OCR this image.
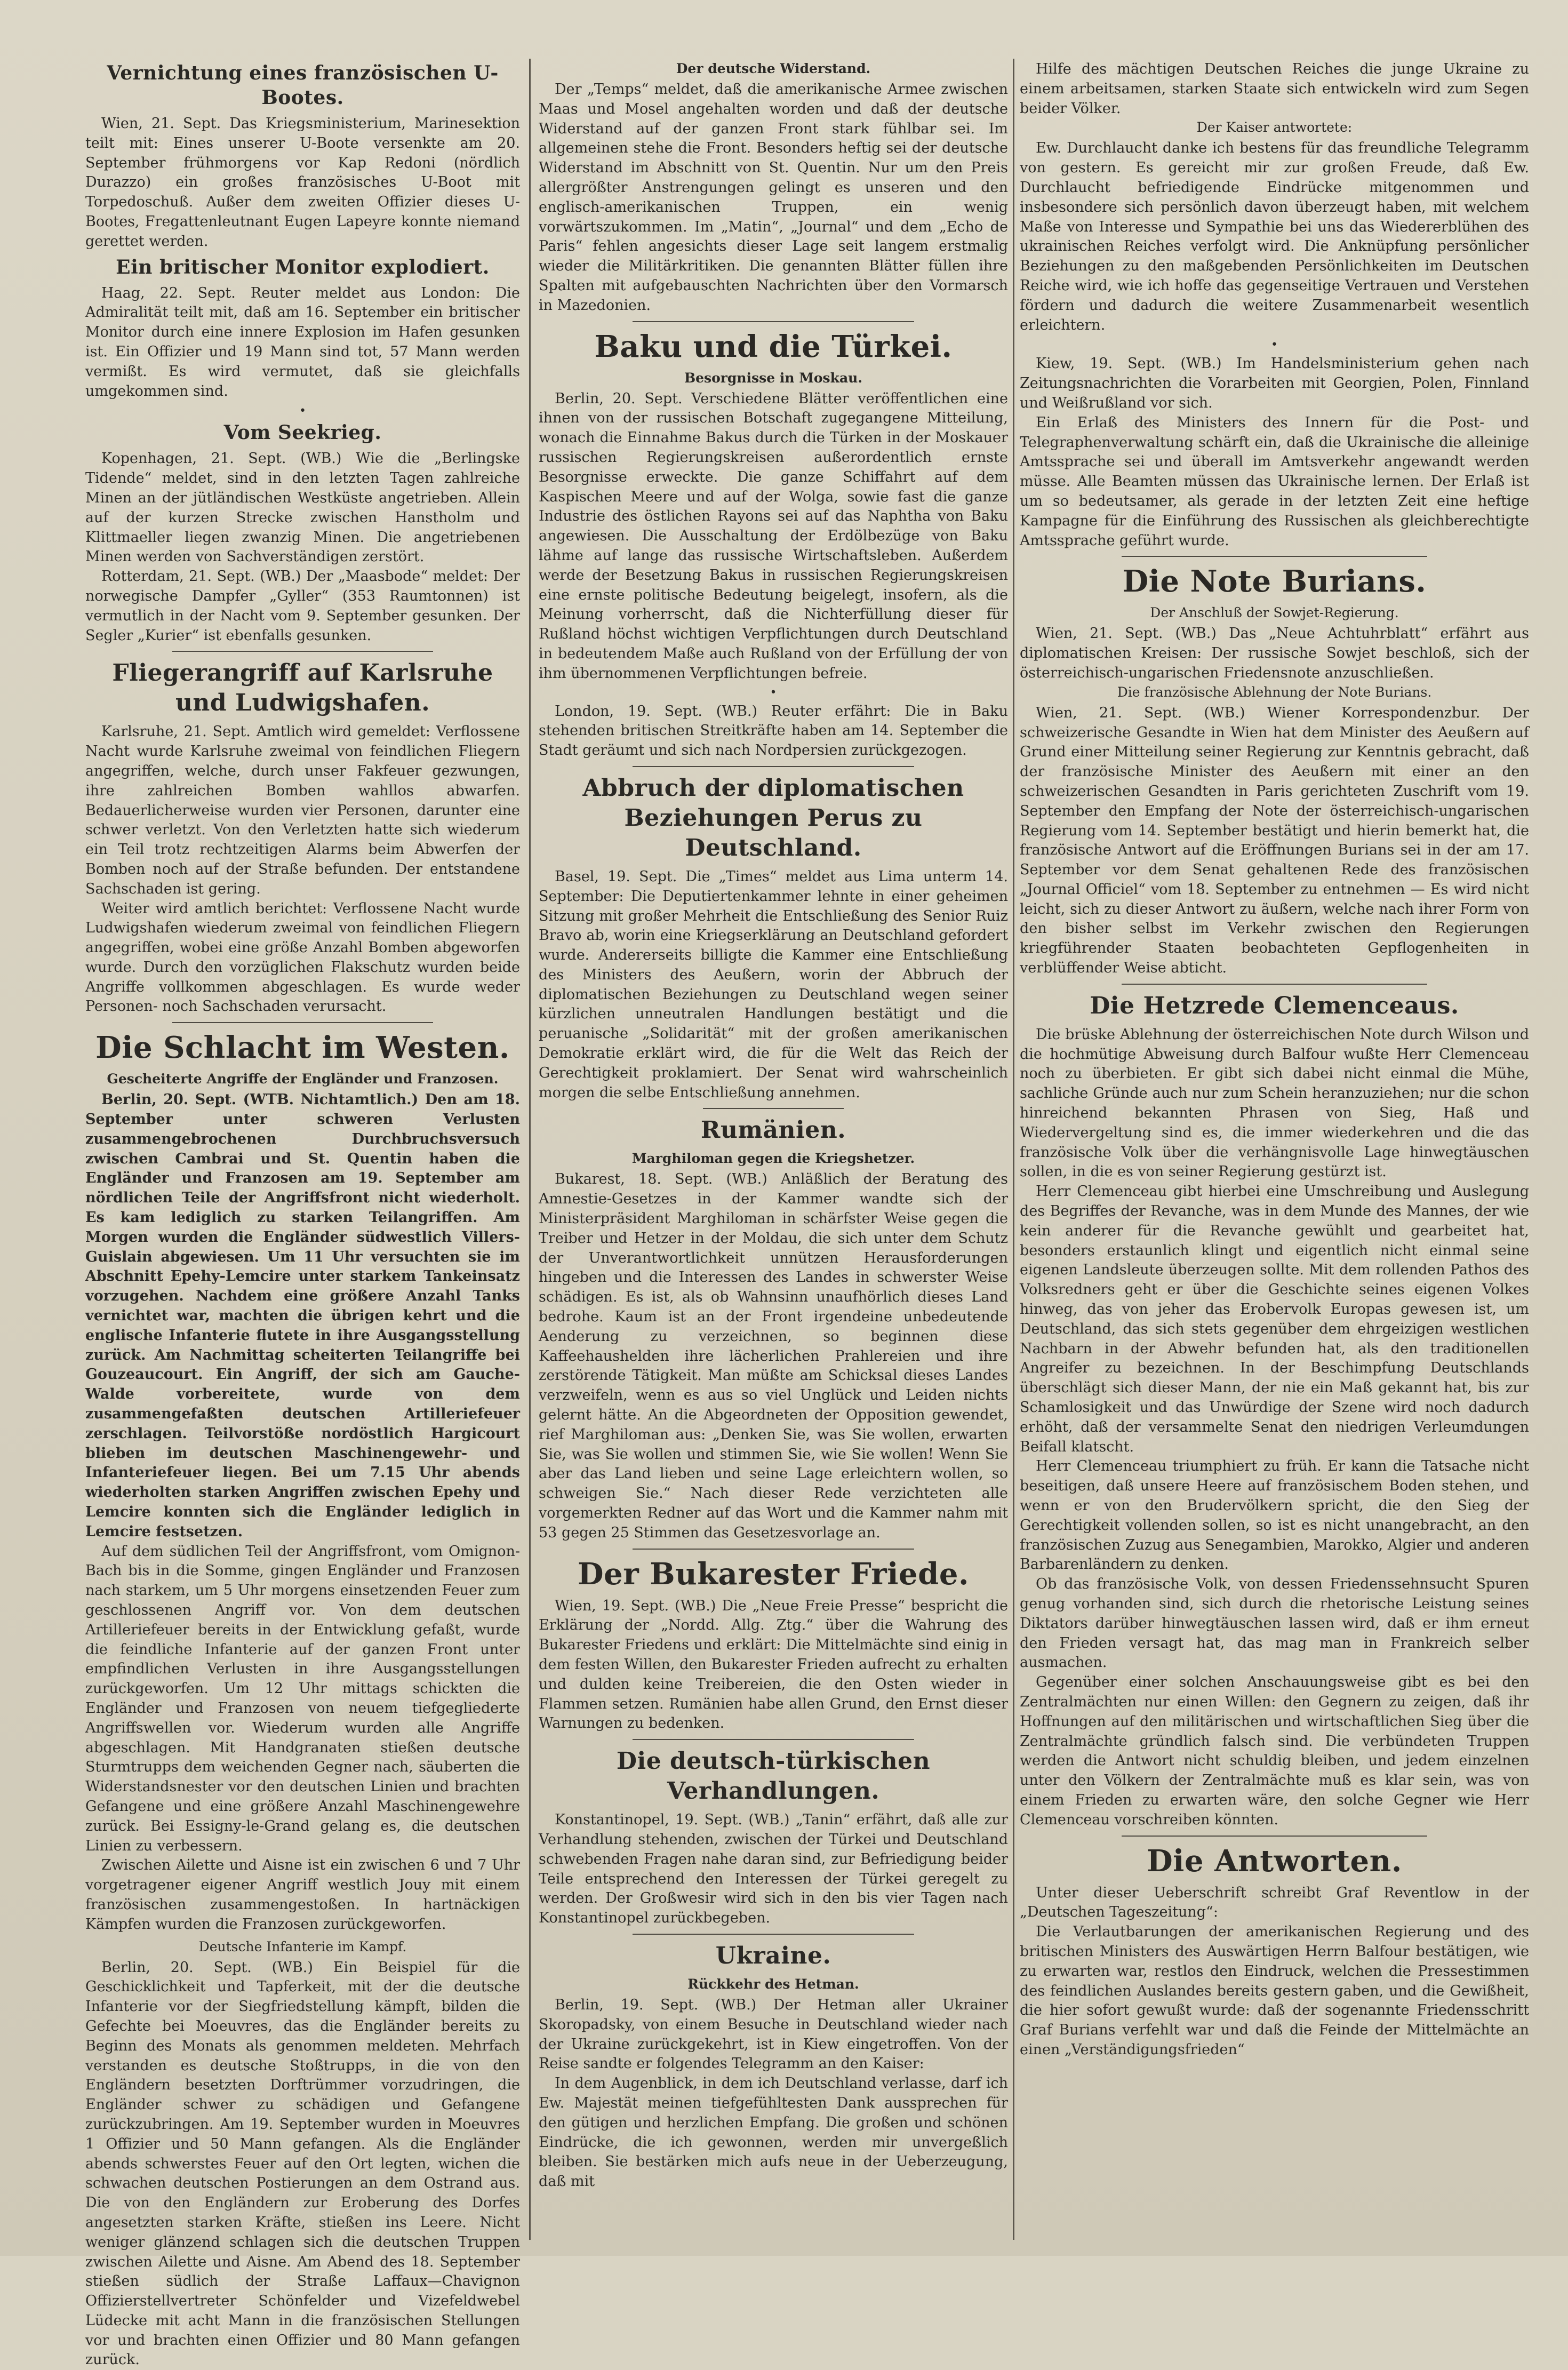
Vernichtung eines französischen U-Bootes.

Wien, 21. Sept. Das Kriegsministerium, Marinesektion teilt mit: Eines unserer U-Boote versenkte am 20. September frühmorgens vor Kap Redoni (nördlich Durazzo) ein großes französisches U-Boot mit Torpedoschuß. Außer dem zweiten Offizier dieses U-Bootes, Fregattenleutnant Eugen Lapeyre konnte niemand gerettet werden.

Ein britischer Monitor explodiert.

Haag, 22. Sept. Reuter meldet aus London: Die Admiralität teilt mit, daß am 16. September ein britischer Monitor durch eine innere Explosion im Hafen gesunken ist. Ein Offizier und 19 Mann sind tot, 57 Mann werden vermißt. Es wird vermutet, daß sie gleichfalls umgekommen sind.

•
Vom Seekrieg.

Kopenhagen, 21. Sept. (WB.) Wie die „Berlingske Tidende“ meldet, sind in den letzten Tagen zahlreiche Minen an der jütländischen Westküste angetrieben. Allein auf der kurzen Strecke zwischen Hanstholm und Klittmaeller liegen zwanzig Minen. Die angetriebenen Minen werden von Sachverständigen zerstört.

Rotterdam, 21. Sept. (WB.) Der „Maasbode“ meldet: Der norwegische Dampfer „Gyller“ (353 Raumtonnen) ist vermutlich in der Nacht vom 9. September gesunken. Der Segler „Kurier“ ist ebenfalls gesunken.

Fliegerangriff auf Karlsruhe und Ludwigshafen.

Karlsruhe, 21. Sept. Amtlich wird gemeldet: Verflossene Nacht wurde Karlsruhe zweimal von feindlichen Fliegern angegriffen, welche, durch unser Fakfeuer gezwungen, ihre zahlreichen Bomben wahllos abwarfen. Bedauerlicherweise wurden vier Personen, darunter eine schwer verletzt. Von den Verletzten hatte sich wiederum ein Teil trotz rechtzeitigen Alarms beim Abwerfen der Bomben noch auf der Straße befunden. Der entstandene Sachschaden ist gering.

Weiter wird amtlich berichtet: Verflossene Nacht wurde Ludwigshafen wiederum zweimal von feindlichen Fliegern angegriffen, wobei eine größe Anzahl Bomben abgeworfen wurde. Durch den vorzüglichen Flakschutz wurden beide Angriffe vollkommen abgeschlagen. Es wurde weder Personen- noch Sachschaden verursacht.

Die Schlacht im Westen.
Gescheiterte Angriffe der Engländer und Franzosen.

Berlin, 20. Sept. (WTB. Nichtamtlich.) Den am 18. September unter schweren Verlusten zusammengebrochenen Durchbruchsversuch zwischen Cambrai und St. Quentin haben die Engländer und Franzosen am 19. September am nördlichen Teile der Angriffsfront nicht wiederholt. Es kam lediglich zu starken Teilangriffen. Am Morgen wurden die Engländer südwestlich Villers-Guislain abgewiesen. Um 11 Uhr versuchten sie im Abschnitt Epehy-Lemcire unter starkem Tankeinsatz vorzugehen. Nachdem eine größere Anzahl Tanks vernichtet war, machten die übrigen kehrt und die englische Infanterie flutete in ihre Ausgangsstellung zurück. Am Nachmittag scheiterten Teilangriffe bei Gouzeaucourt. Ein Angriff, der sich am Gauche-Walde vorbereitete, wurde von dem zusammengefaßten deutschen Artilleriefeuer zerschlagen. Teilvorstöße nordöstlich Hargicourt blieben im deutschen Maschinengewehr- und Infanteriefeuer liegen. Bei um 7.15 Uhr abends wiederholten starken Angriffen zwischen Epehy und Lemcire konnten sich die Engländer lediglich in Lemcire festsetzen.

Auf dem südlichen Teil der Angriffsfront, vom Omignon-Bach bis in die Somme, gingen Engländer und Franzosen nach starkem, um 5 Uhr morgens einsetzenden Feuer zum geschlossenen Angriff vor. Von dem deutschen Artilleriefeuer bereits in der Entwicklung gefaßt, wurde die feindliche Infanterie auf der ganzen Front unter empfindlichen Verlusten in ihre Ausgangsstellungen zurückgeworfen. Um 12 Uhr mittags schickten die Engländer und Franzosen von neuem tiefgegliederte Angriffswellen vor. Wiederum wurden alle Angriffe abgeschlagen. Mit Handgranaten stießen deutsche Sturmtrupps dem weichenden Gegner nach, säuberten die Widerstandsnester vor den deutschen Linien und brachten Gefangene und eine größere Anzahl Maschinengewehre zurück. Bei Essigny-le-Grand gelang es, die deutschen Linien zu verbessern.

Zwischen Ailette und Aisne ist ein zwischen 6 und 7 Uhr vorgetragener eigener Angriff westlich Jouy mit einem französischen zusammengestoßen. In hartnäckigen Kämpfen wurden die Franzosen zurückgeworfen.

Deutsche Infanterie im Kampf.

Berlin, 20. Sept. (WB.) Ein Beispiel für die Geschicklichkeit und Tapferkeit, mit der die deutsche Infanterie vor der Siegfriedstellung kämpft, bilden die Gefechte bei Moeuvres, das die Engländer bereits zu Beginn des Monats als genommen meldeten. Mehrfach verstanden es deutsche Stoßtrupps, in die von den Engländern besetzten Dorftrümmer vorzudringen, die Engländer schwer zu schädigen und Gefangene zurückzubringen. Am 19. September wurden in Moeuvres 1 Offizier und 50 Mann gefangen. Als die Engländer abends schwerstes Feuer auf den Ort legten, wichen die schwachen deutschen Postierungen an dem Ostrand aus. Die von den Engländern zur Eroberung des Dorfes angesetzten starken Kräfte, stießen ins Leere. Nicht weniger glänzend schlagen sich die deutschen Truppen zwischen Ailette und Aisne. Am Abend des 18. September stießen südlich der Straße Laffaux—Chavignon Offizierstellvertreter Schönfelder und Vizefeldwebel Lüdecke mit acht Mann in die französischen Stellungen vor und brachten einen Offizier und 80 Mann gefangen zurück.

Der deutsche Widerstand.

Der „Temps“ meldet, daß die amerikanische Armee zwischen Maas und Mosel angehalten worden und daß der deutsche Widerstand auf der ganzen Front stark fühlbar sei. Im allgemeinen stehe die Front. Besonders heftig sei der deutsche Widerstand im Abschnitt von St. Quentin. Nur um den Preis allergrößter Anstrengungen gelingt es unseren und den englisch-amerikanischen Truppen, ein wenig vorwärtszukommen. Im „Matin“, „Journal“ und dem „Echo de Paris“ fehlen angesichts dieser Lage seit langem erstmalig wieder die Militärkritiken. Die genannten Blätter füllen ihre Spalten mit aufgebauschten Nachrichten über den Vormarsch in Mazedonien.

Baku und die Türkei.
Besorgnisse in Moskau.

Berlin, 20. Sept. Verschiedene Blätter veröffentlichen eine ihnen von der russischen Botschaft zugegangene Mitteilung, wonach die Einnahme Bakus durch die Türken in der Moskauer russischen Regierungskreisen außerordentlich ernste Besorgnisse erweckte. Die ganze Schiffahrt auf dem Kaspischen Meere und auf der Wolga, sowie fast die ganze Industrie des östlichen Rayons sei auf das Naphtha von Baku angewiesen. Die Ausschaltung der Erdölbezüge von Baku lähme auf lange das russische Wirtschaftsleben. Außerdem werde der Besetzung Bakus in russischen Regierungskreisen eine ernste politische Bedeutung beigelegt, insofern, als die Meinung vorherrscht, daß die Nichterfüllung dieser für Rußland höchst wichtigen Verpflichtungen durch Deutschland in bedeutendem Maße auch Rußland von der Erfüllung der von ihm übernommenen Verpflichtungen befreie.

•

London, 19. Sept. (WB.) Reuter erfährt: Die in Baku stehenden britischen Streitkräfte haben am 14. September die Stadt geräumt und sich nach Nordpersien zurückgezogen.

Abbruch der diplomatischen Beziehungen Perus zu Deutschland.

Basel, 19. Sept. Die „Times“ meldet aus Lima unterm 14. September: Die Deputiertenkammer lehnte in einer geheimen Sitzung mit großer Mehrheit die Entschließung des Senior Ruiz Bravo ab, worin eine Kriegserklärung an Deutschland gefordert wurde. Andererseits billigte die Kammer eine Entschließung des Ministers des Aeußern, worin der Abbruch der diplomatischen Beziehungen zu Deutschland wegen seiner kürzlichen unneutralen Handlungen bestätigt und die peruanische „Solidarität“ mit der großen amerikanischen Demokratie erklärt wird, die für die Welt das Reich der Gerechtigkeit proklamiert. Der Senat wird wahrscheinlich morgen die selbe Entschließung annehmen.

Rumänien.
Marghiloman gegen die Kriegshetzer.

Bukarest, 18. Sept. (WB.) Anläßlich der Beratung des Amnestie-Gesetzes in der Kammer wandte sich der Ministerpräsident Marghiloman in schärfster Weise gegen die Treiber und Hetzer in der Moldau, die sich unter dem Schutz der Unverantwortlichkeit unnützen Herausforderungen hingeben und die Interessen des Landes in schwerster Weise schädigen. Es ist, als ob Wahnsinn unaufhörlich dieses Land bedrohe. Kaum ist an der Front irgendeine unbedeutende Aenderung zu verzeichnen, so beginnen diese Kaffeehaushelden ihre lächerlichen Prahlereien und ihre zerstörende Tätigkeit. Man müßte am Schicksal dieses Landes verzweifeln, wenn es aus so viel Unglück und Leiden nichts gelernt hätte. An die Abgeordneten der Opposition gewendet, rief Marghiloman aus: „Denken Sie, was Sie wollen, erwarten Sie, was Sie wollen und stimmen Sie, wie Sie wollen! Wenn Sie aber das Land lieben und seine Lage erleichtern wollen, so schweigen Sie.“ Nach dieser Rede verzichteten alle vorgemerkten Redner auf das Wort und die Kammer nahm mit 53 gegen 25 Stimmen das Gesetzesvorlage an.

Der Bukarester Friede.

Wien, 19. Sept. (WB.) Die „Neue Freie Presse“ bespricht die Erklärung der „Nordd. Allg. Ztg.“ über die Wahrung des Bukarester Friedens und erklärt: Die Mittelmächte sind einig in dem festen Willen, den Bukarester Frieden aufrecht zu erhalten und dulden keine Treibereien, die den Osten wieder in Flammen setzen. Rumänien habe allen Grund, den Ernst dieser Warnungen zu bedenken.

Die deutsch-türkischen Verhandlungen.

Konstantinopel, 19. Sept. (WB.) „Tanin“ erfährt, daß alle zur Verhandlung stehenden, zwischen der Türkei und Deutschland schwebenden Fragen nahe daran sind, zur Befriedigung beider Teile entsprechend den Interessen der Türkei geregelt zu werden. Der Großwesir wird sich in den bis vier Tagen nach Konstantinopel zurückbegeben.

Ukraine.
Rückkehr des Hetman.

Berlin, 19. Sept. (WB.) Der Hetman aller Ukrainer Skoropadsky, von einem Besuche in Deutschland wieder nach der Ukraine zurückgekehrt, ist in Kiew eingetroffen. Von der Reise sandte er folgendes Telegramm an den Kaiser:

In dem Augenblick, in dem ich Deutschland verlasse, darf ich Ew. Majestät meinen tiefgefühltesten Dank aussprechen für den gütigen und herzlichen Empfang. Die großen und schönen Eindrücke, die ich gewonnen, werden mir unvergeßlich bleiben. Sie bestärken mich aufs neue in der Ueberzeugung, daß mit

Hilfe des mächtigen Deutschen Reiches die junge Ukraine zu einem arbeitsamen, starken Staate sich entwickeln wird zum Segen beider Völker.

Der Kaiser antwortete:

Ew. Durchlaucht danke ich bestens für das freundliche Telegramm von gestern. Es gereicht mir zur großen Freude, daß Ew. Durchlaucht befriedigende Eindrücke mitgenommen und insbesondere sich persönlich davon überzeugt haben, mit welchem Maße von Interesse und Sympathie bei uns das Wiedererblühen des ukrainischen Reiches verfolgt wird. Die Anknüpfung persönlicher Beziehungen zu den maßgebenden Persönlichkeiten im Deutschen Reiche wird, wie ich hoffe das gegenseitige Vertrauen und Verstehen fördern und dadurch die weitere Zusammenarbeit wesentlich erleichtern.

•

Kiew, 19. Sept. (WB.) Im Handelsministerium gehen nach Zeitungsnachrichten die Vorarbeiten mit Georgien, Polen, Finnland und Weißrußland vor sich.

Ein Erlaß des Ministers des Innern für die Post- und Telegraphenverwaltung schärft ein, daß die Ukrainische die alleinige Amtssprache sei und überall im Amtsverkehr angewandt werden müsse. Alle Beamten müssen das Ukrainische lernen. Der Erlaß ist um so bedeutsamer, als gerade in der letzten Zeit eine heftige Kampagne für die Einführung des Russischen als gleichberechtigte Amtssprache geführt wurde.

Die Note Burians.
Der Anschluß der Sowjet-Regierung.

Wien, 21. Sept. (WB.) Das „Neue Achtuhrblatt“ erfährt aus diplomatischen Kreisen: Der russische Sowjet beschloß, sich der österreichisch-ungarischen Friedensnote anzuschließen.

Die französische Ablehnung der Note Burians.

Wien, 21. Sept. (WB.) Wiener Korrespondenzbur. Der schweizerische Gesandte in Wien hat dem Minister des Aeußern auf Grund einer Mitteilung seiner Regierung zur Kenntnis gebracht, daß der französische Minister des Aeußern mit einer an den schweizerischen Gesandten in Paris gerichteten Zuschrift vom 19. September den Empfang der Note der österreichisch-ungarischen Regierung vom 14. September bestätigt und hierin bemerkt hat, die französische Antwort auf die Eröffnungen Burians sei in der am 17. September vor dem Senat gehaltenen Rede des französischen „Journal Officiel“ vom 18. September zu entnehmen — Es wird nicht leicht, sich zu dieser Antwort zu äußern, welche nach ihrer Form von den bisher selbst im Verkehr zwischen den Regierungen kriegführender Staaten beobachteten Gepflogenheiten in verblüffender Weise abticht.

Die Hetzrede Clemenceaus.

Die brüske Ablehnung der österreichischen Note durch Wilson und die hochmütige Abweisung durch Balfour wußte Herr Clemenceau noch zu überbieten. Er gibt sich dabei nicht einmal die Mühe, sachliche Gründe auch nur zum Schein heranzuziehen; nur die schon hinreichend bekannten Phrasen von Sieg, Haß und Wiedervergeltung sind es, die immer wiederkehren und die das französische Volk über die verhängnisvolle Lage hinwegtäuschen sollen, in die es von seiner Regierung gestürzt ist.

Herr Clemenceau gibt hierbei eine Umschreibung und Auslegung des Begriffes der Revanche, was in dem Munde des Mannes, der wie kein anderer für die Revanche gewühlt und gearbeitet hat, besonders erstaunlich klingt und eigentlich nicht einmal seine eigenen Landsleute überzeugen sollte. Mit dem rollenden Pathos des Volksredners geht er über die Geschichte seines eigenen Volkes hinweg, das von jeher das Erobervolk Europas gewesen ist, um Deutschland, das sich stets gegenüber dem ehrgeizigen westlichen Nachbarn in der Abwehr befunden hat, als den traditionellen Angreifer zu bezeichnen. In der Beschimpfung Deutschlands überschlägt sich dieser Mann, der nie ein Maß gekannt hat, bis zur Schamlosigkeit und das Unwürdige der Szene wird noch dadurch erhöht, daß der versammelte Senat den niedrigen Verleumdungen Beifall klatscht.

Herr Clemenceau triumphiert zu früh. Er kann die Tatsache nicht beseitigen, daß unsere Heere auf französischem Boden stehen, und wenn er von den Brudervölkern spricht, die den Sieg der Gerechtigkeit vollenden sollen, so ist es nicht unangebracht, an den französischen Zuzug aus Senegambien, Marokko, Algier und anderen Barbarenländern zu denken.

Ob das französische Volk, von dessen Friedenssehnsucht Spuren genug vorhanden sind, sich durch die rhetorische Leistung seines Diktators darüber hinwegtäuschen lassen wird, daß er ihm erneut den Frieden versagt hat, das mag man in Frankreich selber ausmachen.

Gegenüber einer solchen Anschauungsweise gibt es bei den Zentralmächten nur einen Willen: den Gegnern zu zeigen, daß ihr Hoffnungen auf den militärischen und wirtschaftlichen Sieg über die Zentralmächte gründlich falsch sind. Die verbündeten Truppen werden die Antwort nicht schuldig bleiben, und jedem einzelnen unter den Völkern der Zentralmächte muß es klar sein, was von einem Frieden zu erwarten wäre, den solche Gegner wie Herr Clemenceau vorschreiben könnten.

Die Antworten.

Unter dieser Ueberschrift schreibt Graf Reventlow in der „Deutschen Tageszeitung“:

Die Verlautbarungen der amerikanischen Regierung und des britischen Ministers des Auswärtigen Herrn Balfour bestätigen, wie zu erwarten war, restlos den Eindruck, welchen die Pressestimmen des feindlichen Auslandes bereits gestern gaben, und die Gewißheit, die hier sofort gewußt wurde: daß der sogenannte Friedensschritt Graf Burians verfehlt war und daß die Feinde der Mittelmächte an einen „Verständigungsfrieden“
